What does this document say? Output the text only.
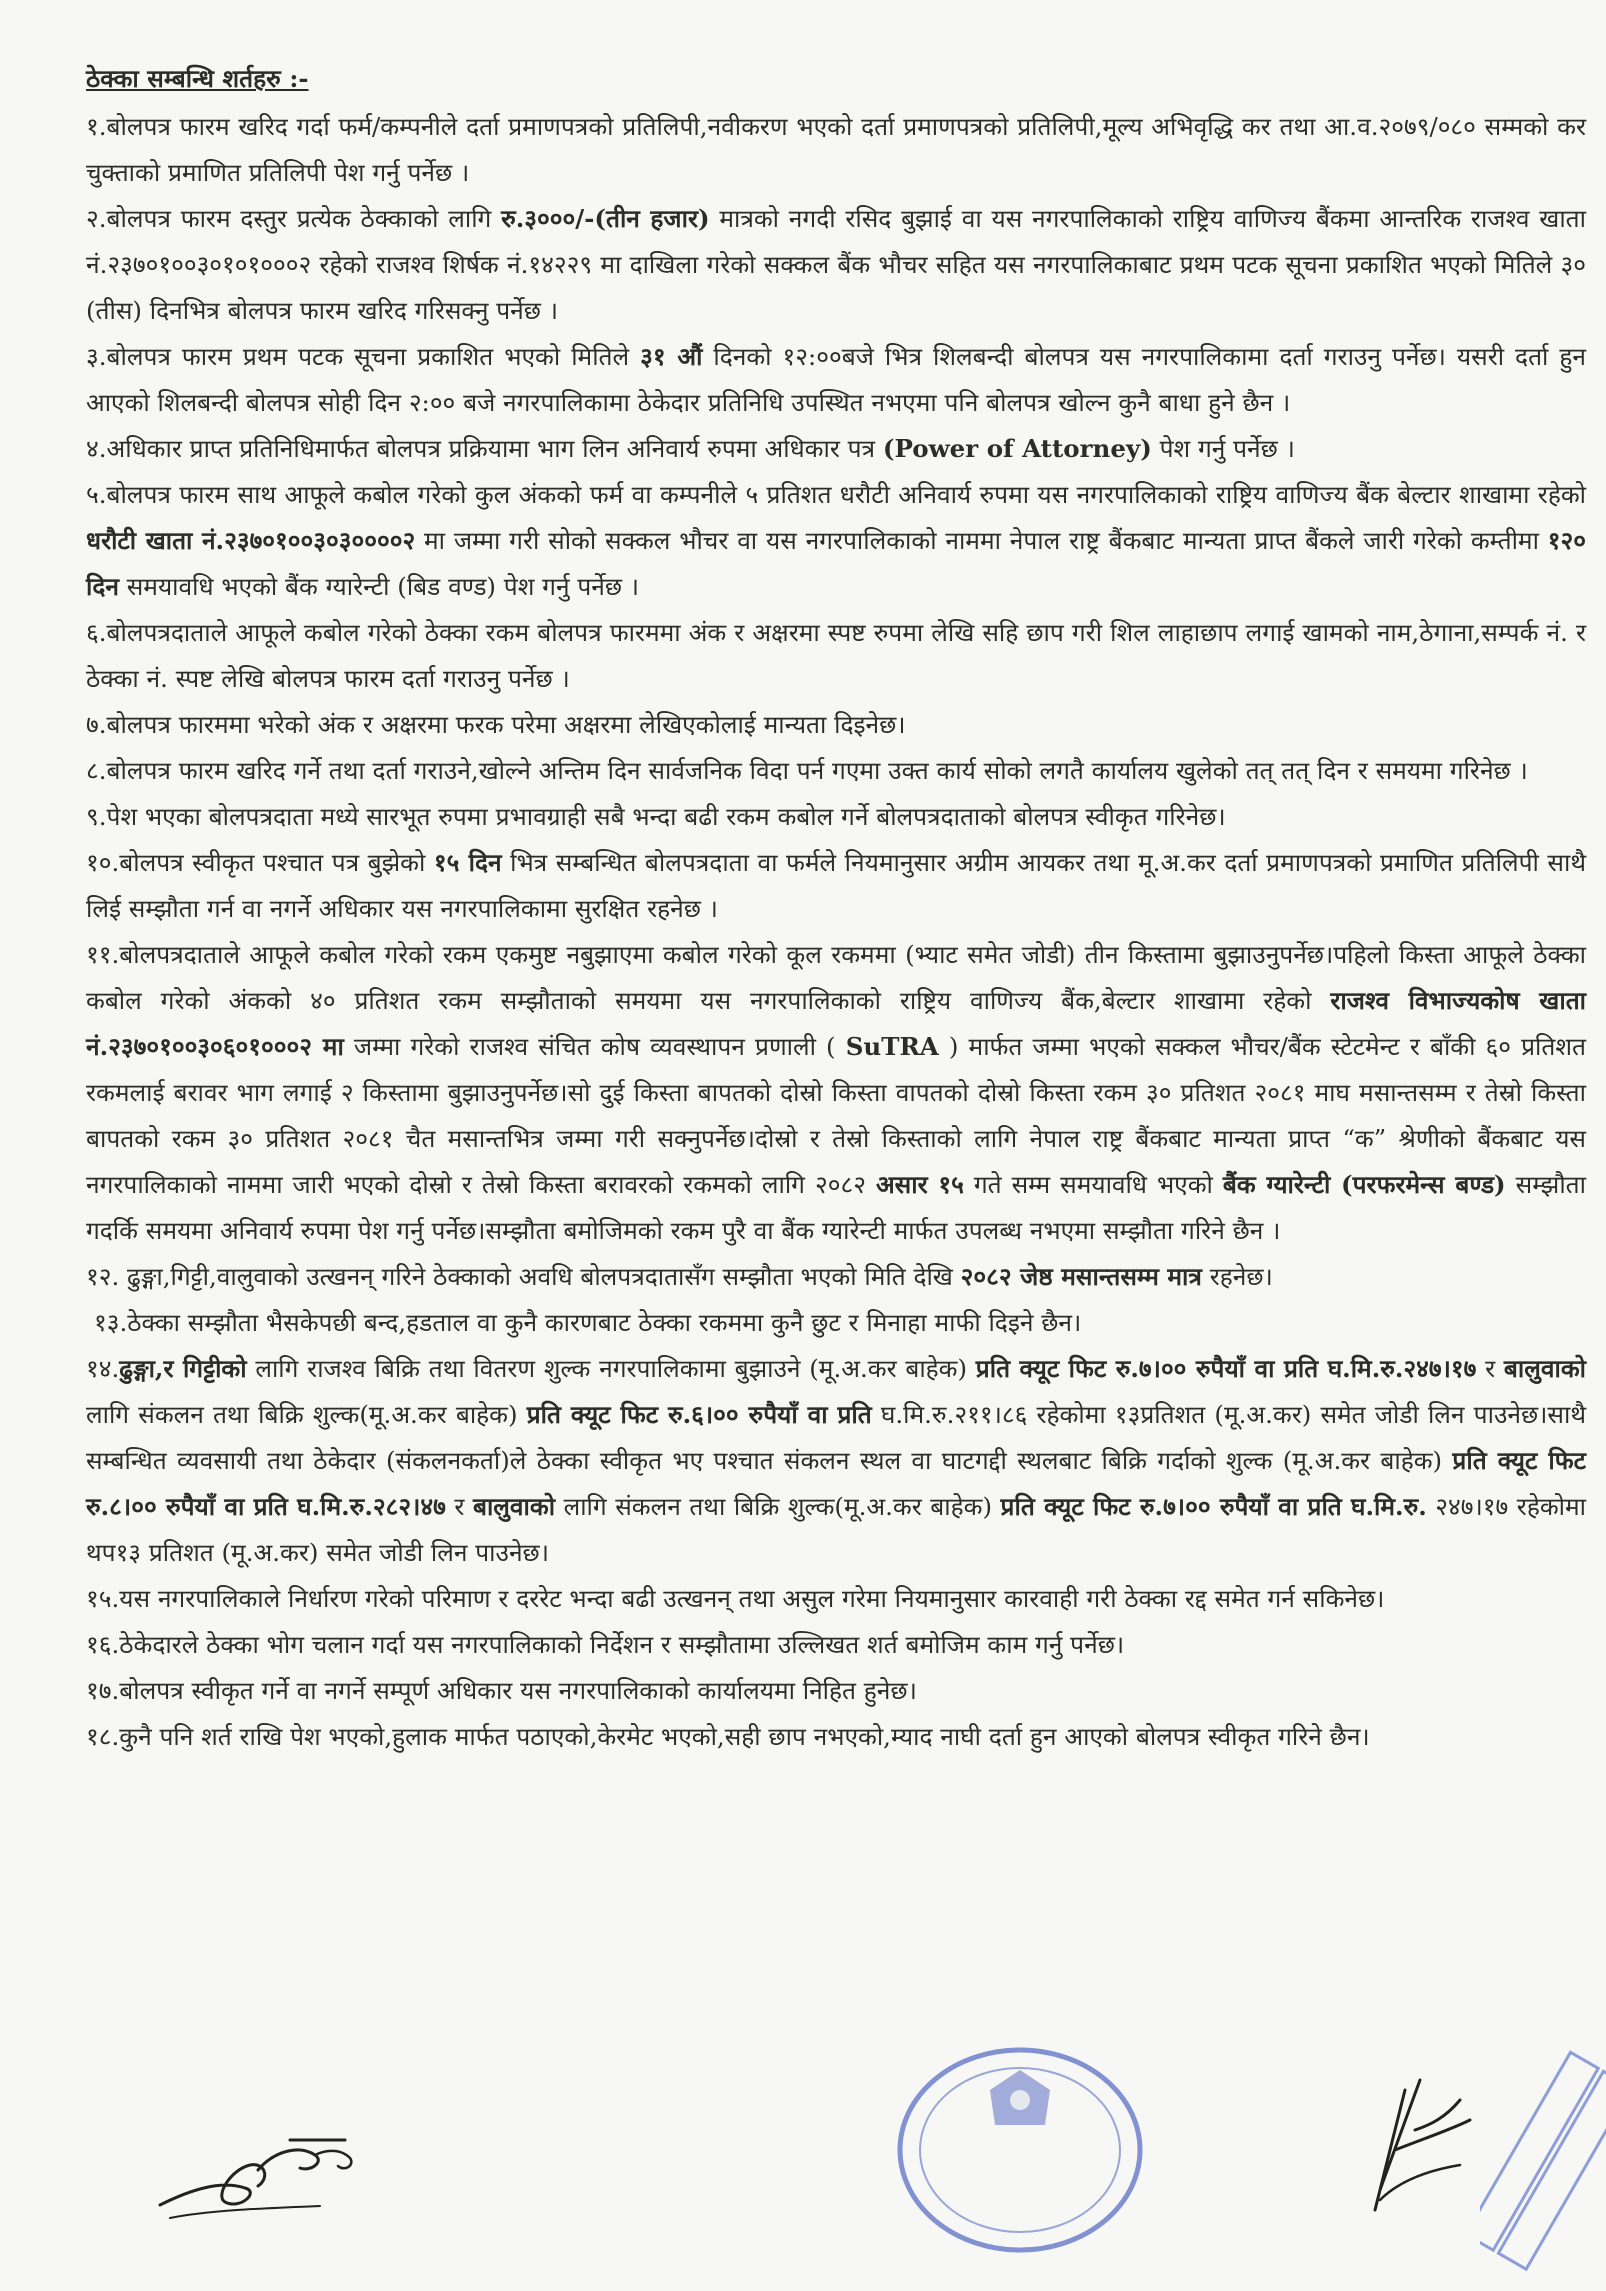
ठेक्का सम्बन्धि शर्तहरु :-

१.बोलपत्र फारम खरिद गर्दा फर्म/कम्पनीले दर्ता प्रमाणपत्रको प्रतिलिपी,नवीकरण भएको दर्ता प्रमाणपत्रको प्रतिलिपी,मूल्य अभिवृद्धि कर तथा आ.व.२०७९/०८० सम्मको कर चुक्ताको प्रमाणित प्रतिलिपी पेश गर्नु पर्नेछ ।

२.बोलपत्र फारम दस्तुर प्रत्येक ठेक्काको लागि रु.३०००/-(तीन हजार) मात्रको नगदी रसिद बुझाई वा यस नगरपालिकाको राष्ट्रिय वाणिज्य बैंकमा आन्तरिक राजश्व खाता नं.२३७०१००३०१०१०००२ रहेको राजश्व शिर्षक नं.१४२२९ मा दाखिला गरेको सक्कल बैंक भौचर सहित यस नगरपालिकाबाट प्रथम पटक सूचना प्रकाशित भएको मितिले ३० (तीस) दिनभित्र बोलपत्र फारम खरिद गरिसक्नु पर्नेछ ।

३.बोलपत्र फारम प्रथम पटक सूचना प्रकाशित भएको मितिले ३१ औं दिनको १२:००बजे भित्र शिलबन्दी बोलपत्र यस नगरपालिकामा दर्ता गराउनु पर्नेछ। यसरी दर्ता हुन आएको शिलबन्दी बोलपत्र सोही दिन २:०० बजे नगरपालिकामा ठेकेदार प्रतिनिधि उपस्थित नभएमा पनि बोलपत्र खोल्न कुनै बाधा हुने छैन ।

४.अधिकार प्राप्त प्रतिनिधिमार्फत बोलपत्र प्रक्रियामा भाग लिन अनिवार्य रुपमा अधिकार पत्र (Power of Attorney) पेश गर्नु पर्नेछ ।

५.बोलपत्र फारम साथ आफूले कबोल गरेको कुल अंकको फर्म वा कम्पनीले ५ प्रतिशत धरौटी अनिवार्य रुपमा यस नगरपालिकाको राष्ट्रिय वाणिज्य बैंक बेल्टार शाखामा रहेको धरौटी खाता नं.२३७०१००३०३००००२ मा जम्मा गरी सोको सक्कल भौचर वा यस नगरपालिकाको नाममा नेपाल राष्ट्र बैंकबाट मान्यता प्राप्त बैंकले जारी गरेको कम्तीमा १२० दिन समयावधि भएको बैंक ग्यारेन्टी (बिड वण्ड) पेश गर्नु पर्नेछ ।

६.बोलपत्रदाताले आफूले कबोल गरेको ठेक्का रकम बोलपत्र फारममा अंक र अक्षरमा स्पष्ट रुपमा लेखि सहि छाप गरी शिल लाहाछाप लगाई खामको नाम,ठेगाना,सम्पर्क नं. र ठेक्का नं. स्पष्ट लेखि बोलपत्र फारम दर्ता गराउनु पर्नेछ ।

७.बोलपत्र फारममा भरेको अंक र अक्षरमा फरक परेमा अक्षरमा लेखिएकोलाई मान्यता दिइनेछ।

८.बोलपत्र फारम खरिद गर्ने तथा दर्ता गराउने,खोल्ने अन्तिम दिन सार्वजनिक विदा पर्न गएमा उक्त कार्य सोको लगतै कार्यालय खुलेको तत् तत् दिन र समयमा गरिनेछ ।

९.पेश भएका बोलपत्रदाता मध्ये सारभूत रुपमा प्रभावग्राही सबै भन्दा बढी रकम कबोल गर्ने बोलपत्रदाताको बोलपत्र स्वीकृत गरिनेछ।

१०.बोलपत्र स्वीकृत पश्चात पत्र बुझेको १५ दिन भित्र सम्बन्धित बोलपत्रदाता वा फर्मले नियमानुसार अग्रीम आयकर तथा मू.अ.कर दर्ता प्रमाणपत्रको प्रमाणित प्रतिलिपी साथै लिई सम्झौता गर्न वा नगर्ने अधिकार यस नगरपालिकामा सुरक्षित रहनेछ ।

११.बोलपत्रदाताले आफूले कबोल गरेको रकम एकमुष्ट नबुझाएमा कबोल गरेको कूल रकममा (भ्याट समेत जोडी) तीन किस्तामा बुझाउनुपर्नेछ।पहिलो किस्ता आफूले ठेक्का कबोल गरेको अंकको ४० प्रतिशत रकम सम्झौताको समयमा यस नगरपालिकाको राष्ट्रिय वाणिज्य बैंक,बेल्टार शाखामा रहेको राजश्व विभाज्यकोष खाता नं.२३७०१००३०६०१०००२ मा जम्मा गरेको राजश्व संचित कोष व्यवस्थापन प्रणाली ( SuTRA ) मार्फत जम्मा भएको सक्कल भौचर/बैंक स्टेटमेन्ट र बाँकी ६० प्रतिशत रकमलाई बरावर भाग लगाई २ किस्तामा बुझाउनुपर्नेछ।सो दुई किस्ता बापतको दोस्रो किस्ता वापतको दोस्रो किस्ता रकम ३० प्रतिशत २०८१ माघ मसान्तसम्म र तेस्रो किस्ता बापतको रकम ३० प्रतिशत २०८१ चैत मसान्तभित्र जम्मा गरी सक्नुपर्नेछ।दोस्रो र तेस्रो किस्ताको लागि नेपाल राष्ट्र बैंकबाट मान्यता प्राप्त “क” श्रेणीको बैंकबाट यस नगरपालिकाको नाममा जारी भएको दोस्रो र तेस्रो किस्ता बरावरको रकमको लागि २०८२ असार १५ गते सम्म समयावधि भएको बैंक ग्यारेन्टी (परफरमेन्स बण्ड) सम्झौता गदर्कि समयमा अनिवार्य रुपमा पेश गर्नु पर्नेछ।सम्झौता बमोजिमको रकम पुरै वा बैंक ग्यारेन्टी मार्फत उपलब्ध नभएमा सम्झौता गरिने छैन ।

१२. ढुङ्गा,गिट्टी,वालुवाको उत्खनन् गरिने ठेक्काको अवधि बोलपत्रदातासँग सम्झौता भएको मिति देखि २०८२ जेष्ठ मसान्तसम्म मात्र रहनेछ।

१३.ठेक्का सम्झौता भैसकेपछी बन्द,हडताल वा कुनै कारणबाट ठेक्का रकममा कुनै छुट र मिनाहा माफी दिइने छैन।

१४.ढुङ्गा,र गिट्टीको लागि राजश्व बिक्रि तथा वितरण शुल्क नगरपालिकामा बुझाउने (मू.अ.कर बाहेक) प्रति क्यूट फिट रु.७।०० रुपैयाँ वा प्रति घ.मि.रु.२४७।१७ र बालुवाको लागि संकलन तथा बिक्रि शुल्क(मू.अ.कर बाहेक) प्रति क्यूट फिट रु.६।०० रुपैयाँ वा प्रति घ.मि.रु.२११।८६ रहेकोमा १३प्रतिशत (मू.अ.कर) समेत जोडी लिन पाउनेछ।साथै सम्बन्धित व्यवसायी तथा ठेकेदार (संकलनकर्ता)ले ठेक्का स्वीकृत भए पश्चात संकलन स्थल वा घाटगद्दी स्थलबाट बिक्रि गर्दाको शुल्क (मू.अ.कर बाहेक) प्रति क्यूट फिट रु.८।०० रुपैयाँ वा प्रति घ.मि.रु.२८२।४७ र बालुवाको लागि संकलन तथा बिक्रि शुल्क(मू.अ.कर बाहेक) प्रति क्यूट फिट रु.७।०० रुपैयाँ वा प्रति घ.मि.रु. २४७।१७ रहेकोमा थप१३ प्रतिशत (मू.अ.कर) समेत जोडी लिन पाउनेछ।

१५.यस नगरपालिकाले निर्धारण गरेको परिमाण र दररेट भन्दा बढी उत्खनन् तथा असुल गरेमा नियमानुसार कारवाही गरी ठेक्का रद्द समेत गर्न सकिनेछ।

१६.ठेकेदारले ठेक्का भोग चलान गर्दा यस नगरपालिकाको निर्देशन र सम्झौतामा उल्लिखत शर्त बमोजिम काम गर्नु पर्नेछ।

१७.बोलपत्र स्वीकृत गर्ने वा नगर्ने सम्पूर्ण अधिकार यस नगरपालिकाको कार्यालयमा निहित हुनेछ।

१८.कुनै पनि शर्त राखि पेश भएको,हुलाक मार्फत पठाएको,केरमेट भएको,सही छाप नभएको,म्याद नाघी दर्ता हुन आएको बोलपत्र स्वीकृत गरिने छैन।
